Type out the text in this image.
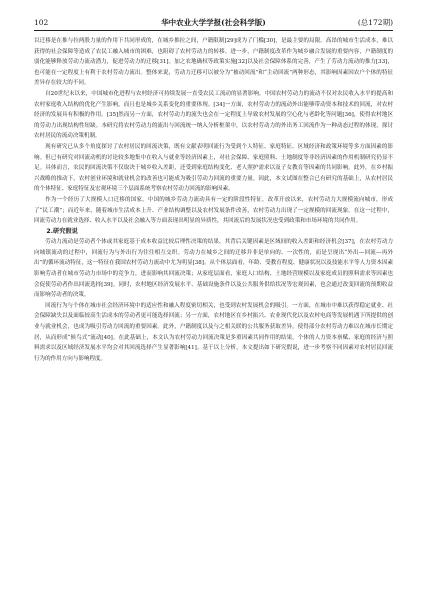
102	华中农业大学学报(社会科学版)	(总172期)

以迁移是在推与拉两股力量的作用下共同形成的，在城乡推拉之间，户籍限制[29]成为了门槛[30]，是最主要的局限。高昂的城市生活成本，难以获得的社会保障等造成了农民工融入城市的困难，也阻碍了农村劳动力的转移。进一步，户籍制度改革作为城乡融合发展的重要内容，户籍制度的弱化能够释放劳动力流动潜力，促进劳动力的迁移[31]。加之农地确权等政策实施[32]以及社会保障体系的完善，产生了劳动力流动的推力[33]，也可能在一定程度上有利于农村劳动力流出。整体来说，劳动力迁移可以被分为“被动回流”和“主动回流”两种形态，其影响因素因农户个体的特征差异存在较大的不同。

自20世纪末以来，中国城市化进程与农村经济可持续发展一直受农民工流动的显著影响。中国农村劳动力的流动不仅对农民收入水平的提高和农村家庭收入结构的优化产生影响，而且也是城乡关系变化的重要体现。[34]一方面，农村劳动力的流动外出能够带动资本和技术的回流，对农村经济的发展具有积极的作用。[35]然而另一方面，农村劳动力的流失也会在一定程度上导致农村发展的空心化与老龄化等问题[36]，使得农村地区的劳动力出现结构性短缺。本研究将农村劳动力的流出与回流统一纳入分析框架中，以农村劳动力的外出务工回流作为一种动态过程的体现，探讨农村居民的流动决策机制。

现有研究已从多个角度探讨了农村居民的回流决策，既有文献表明回流行为受到个人特征、家庭特征、区域经济和政策环境等多方面因素的影响。但已有研究对回流动机的讨论较多地集中在收入与就业等经济因素上，对社会保障、家庭照料、土地制度等非经济因素的作用机制研究仍显不足。具体而言，农民的回流决策不仅取决于城乡收入差距，还受到家庭结构变化、老人照护需求以及子女教育等因素的共同影响。此外，在乡村振兴战略的推动下，农村创业环境和就业机会的改善也可能成为吸引劳动力回流的重要力量。因此，本文试图在整合已有研究的基础上，从农村居民的个体特征、家庭特征及宏观环境三个层面系统考察农村劳动力回流的影响因素。

作为一个经历了大规模人口迁移的国家，中国的城乡劳动力流动具有一定的阶段性特征。改革开放以来，农村劳动力大规模流向城市，形成了“民工潮”；而近年来，随着城市生活成本上升、产业结构调整以及农村发展条件改善，农村劳动力出现了一定规模的回流现象。在这一过程中，回流劳动力在就业选择、收入水平以及社会融入等方面表现出明显的异质性，其回流后的发展状况也受到政策和市场环境的共同作用。

2.研究假说

劳动力流动是劳动者个体或其家庭基于成本收益比较后理性决策的结果，其背后关键因素是区域间的收入差距和经济机会[37]，在农村劳动力向城镇流动的过程中，回流行为与外出行为往往相互交织。劳动力在城乡之间的迁移并非是单向的、一次性的，而是呈现出“外出—回流—再外出”的循环流动特征，这一特征在我国农村劳动力流动中尤为明显[38]。从个体层面看，年龄、受教育程度、健康状况以及技能水平等人力资本因素影响劳动者在城市劳动力市场中的竞争力，进而影响其回流决策；从家庭层面看，家庭人口结构、土地经营规模以及家庭成员的照料需求等因素也会促使劳动者作出回流选择[39]。同时，农村地区经济发展水平、基础设施条件以及公共服务供给状况等宏观因素，也会通过改变回流的预期收益而影响劳动者的决策。

回流行为与个体在城市社会经济环境中的适应性和融入程度密切相关，也受到农村发展机会的吸引。一方面，在城市中难以获得稳定就业、社会保障缺失以及面临较高生活成本的劳动者更可能选择回流；另一方面，农村地区在乡村振兴、农业现代化以及农村电商等发展机遇下所提供的创业与就业机会，也成为吸引劳动力回流的重要因素。此外，户籍制度以及与之相关联的公共服务获取差异，使得部分农村劳动力难以在城市长期定居，从而形成“候鸟式”流动[40]。在此基础上，本文认为农村劳动力回流决策是多重因素共同作用的结果，个体的人力资本禀赋、家庭的经济与照料需求以及区域经济发展水平均会对其回流选择产生显著影响[41]。基于以上分析，本文提出如下研究假说，进一步考察不同因素对农村居民回流行为的作用方向与影响程度。
